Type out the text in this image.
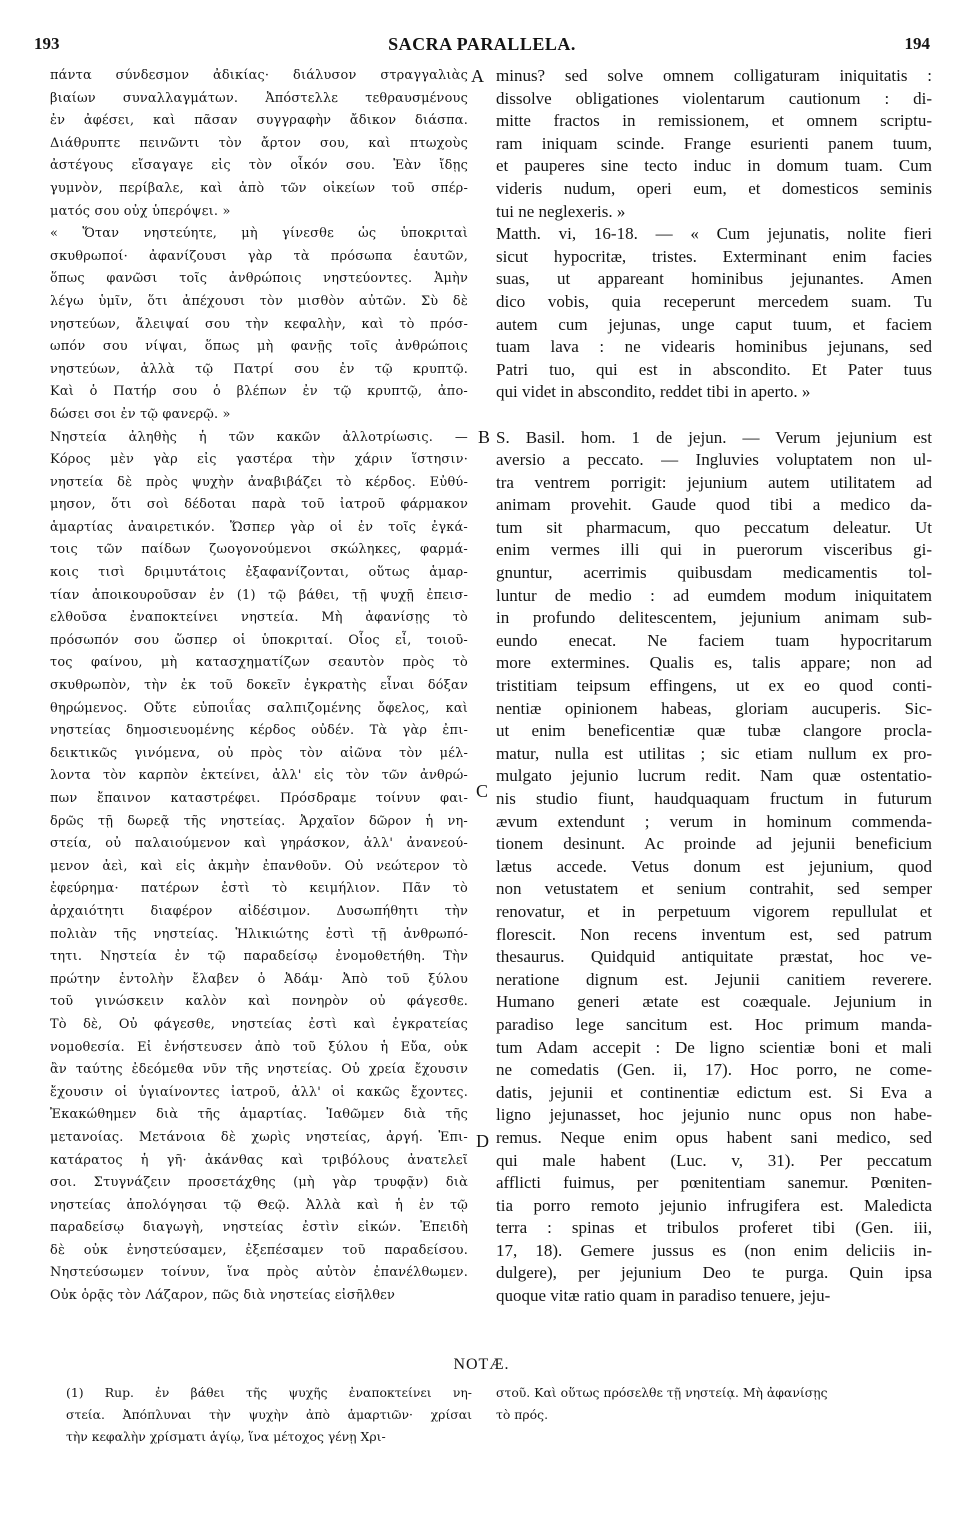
193	SACRA PARALLELA.	194
πάντα σύνδεσμον ἀδικίας· διάλυσον στραγγαλιὰς
βιαίων συναλλαγμάτων. Ἀπόστελλε τεθραυσμένους
ἐν ἀφέσει, καὶ πᾶσαν συγγραφὴν ἄδικον διάσπα.
Διάθρυπτε πεινῶντι τὸν ἄρτον σου, καὶ πτωχοὺς
ἀστέγους εἴσαγαγε εἰς τὸν οἶκόν σου. Ἐὰν ἴδῃς
γυμνὸν, περίβαλε, καὶ ἀπὸ τῶν οἰκείων τοῦ σπέρ-
ματός σου οὐχ ὑπερόψει. »
« Ὅταν νηστεύητε, μὴ γίνεσθε ὡς ὑποκριταὶ
σκυθρωποί· ἀφανίζουσι γὰρ τὰ πρόσωπα ἑαυτῶν,
ὅπως φανῶσι τοῖς ἀνθρώποις νηστεύοντες. Ἀμὴν
λέγω ὑμῖν, ὅτι ἀπέχουσι τὸν μισθὸν αὐτῶν. Σὺ δὲ
νηστεύων, ἄλειψαί σου τὴν κεφαλὴν, καὶ τὸ πρόσ-
ωπόν σου νίψαι, ὅπως μὴ φανῇς τοῖς ἀνθρώποις
νηστεύων, ἀλλὰ τῷ Πατρί σου ἐν τῷ κρυπτῷ.
Καὶ ὁ Πατήρ σου ὁ βλέπων ἐν τῷ κρυπτῷ, ἀπο-
δώσει σοι ἐν τῷ φανερῷ. »
Νηστεία ἀληθὴς ἡ τῶν κακῶν ἀλλοτρίωσις. —
Κόρος μὲν γὰρ εἰς γαστέρα τὴν χάριν ἵστησιν·
νηστεία δὲ πρὸς ψυχὴν ἀναβιβάζει τὸ κέρδος. Εὐθύ-
μησον, ὅτι σοὶ δέδοται παρὰ τοῦ ἰατροῦ φάρμακον
ἁμαρτίας ἀναιρετικόν. Ὥσπερ γὰρ οἱ ἐν τοῖς ἐγκά-
τοις τῶν παίδων ζωογονούμενοι σκώληκες, φαρμά-
κοις τισὶ δριμυτάτοις ἐξαφανίζονται, οὕτως ἁμαρ-
τίαν ἀποικουροῦσαν ἐν (1) τῷ βάθει, τῇ ψυχῇ ἐπεισ-
ελθοῦσα ἐναποκτείνει νηστεία. Μὴ ἀφανίσῃς τὸ
πρόσωπόν σου ὥσπερ οἱ ὑποκριταί. Οἷος εἶ, τοιοῦ-
τος φαίνου, μὴ κατασχηματίζων σεαυτὸν πρὸς τὸ
σκυθρωπὸν, τὴν ἐκ τοῦ δοκεῖν ἐγκρατὴς εἶναι δόξαν
θηρώμενος. Οὔτε εὐποιΐας σαλπιζομένης ὄφελος, καὶ
νηστείας δημοσιευομένης κέρδος οὐδέν. Τὰ γὰρ ἐπι-
δεικτικῶς γινόμενα, οὐ πρὸς τὸν αἰῶνα τὸν μέλ-
λοντα τὸν καρπὸν ἐκτείνει, ἀλλ' εἰς τὸν τῶν ἀνθρώ-
πων ἔπαινον καταστρέφει. Πρόσδραμε τοίνυν φαι-
δρῶς τῇ δωρεᾷ τῆς νηστείας. Ἀρχαῖον δῶρον ἡ νη-
στεία, οὐ παλαιούμενον καὶ γηράσκον, ἀλλ' ἀνανεού-
μενον ἀεὶ, καὶ εἰς ἀκμὴν ἐπανθοῦν. Οὐ νεώτερον τὸ
ἐφεύρημα· πατέρων ἐστὶ τὸ κειμήλιον. Πᾶν τὸ
ἀρχαιότητι διαφέρον αἰδέσιμον. Δυσωπήθητι τὴν
πολιὰν τῆς νηστείας. Ἡλικιώτης ἐστὶ τῇ ἀνθρωπό-
τητι. Νηστεία ἐν τῷ παραδείσῳ ἐνομοθετήθη. Τὴν
πρώτην ἐντολὴν ἔλαβεν ὁ Ἀδάμ· Ἀπὸ τοῦ ξύλου
τοῦ γινώσκειν καλὸν καὶ πονηρὸν οὐ φάγεσθε.
Τὸ δὲ, Οὐ φάγεσθε, νηστείας ἐστὶ καὶ ἐγκρατείας
νομοθεσία. Εἰ ἐνήστευσεν ἀπὸ τοῦ ξύλου ἡ Εὔα, οὐκ
ἂν ταύτης ἐδεόμεθα νῦν τῆς νηστείας. Οὐ χρεία ἔχουσιν
ἔχουσιν οἱ ὑγιαίνοντες ἰατροῦ, ἀλλ' οἱ κακῶς ἔχοντες.
Ἐκακώθημεν διὰ τῆς ἁμαρτίας. Ἰαθῶμεν διὰ τῆς
μετανοίας. Μετάνοια δὲ χωρὶς νηστείας, ἀργή. Ἐπι-
κατάρατος ἡ γῆ· ἀκάνθας καὶ τριβόλους ἀνατελεῖ
σοι. Στυγνάζειν προσετάχθης (μὴ γὰρ τρυφᾷν) διὰ
νηστείας ἀπολόγησαι τῷ Θεῷ. Ἀλλὰ καὶ ἡ ἐν τῷ
παραδείσῳ διαγωγὴ, νηστείας ἐστὶν εἰκών. Ἐπειδὴ
δὲ οὐκ ἐνηστεύσαμεν, ἐξεπέσαμεν τοῦ παραδείσου.
Νηστεύσωμεν τοίνυν, ἵνα πρὸς αὐτὸν ἐπανέλθωμεν.
Οὐκ ὁρᾷς τὸν Λάζαρον, πῶς διὰ νηστείας εἰσῆλθεν
minus? sed solve omnem colligaturam iniquitatis :
dissolve obligationes violentarum cautionum : di-
mitte fractos in remissionem, et omnem scriptu-
ram iniquam scinde. Frange esurienti panem tuum,
et pauperes sine tecto induc in domum tuam. Cum
videris nudum, operi eum, et domesticos seminis
tui ne neglexeris. »
Matth. vi, 16-18. — « Cum jejunatis, nolite fieri
sicut hypocritæ, tristes. Exterminant enim facies
suas, ut appareant hominibus jejunantes. Amen
dico vobis, quia receperunt mercedem suam. Tu
autem cum jejunas, unge caput tuum, et faciem
tuam lava : ne videaris hominibus jejunans, sed
Patri tuo, qui est in abscondito. Et Pater tuus
qui videt in abscondito, reddet tibi in aperto. »
S. Basil. hom. 1 de jejun. — Verum jejunium est
aversio a peccato. — Ingluvies voluptatem non ul-
tra ventrem porrigit: jejunium autem utilitatem ad
animam provehit. Gaude quod tibi a medico da-
tum sit pharmacum, quo peccatum deleatur. Ut
enim vermes illi qui in puerorum visceribus gi-
gnuntur, acerrimis quibusdam medicamentis tol-
luntur de medio : ad eumdem modum iniquitatem
in profundo delitescentem, jejunium animam sub-
eundo enecat. Ne faciem tuam hypocritarum
more extermines. Qualis es, talis appare; non ad
tristitiam teipsum effingens, ut ex eo quod conti-
nentiæ opinionem habeas, gloriam aucuperis. Sic-
ut enim beneficentiæ quæ tubæ clangore procla-
matur, nulla est utilitas ; sic etiam nullum ex pro-
mulgato jejunio lucrum redit. Nam quæ ostentatio-
nis studio fiunt, haudquaquam fructum in futurum
ævum extendunt ; verum in hominum commenda-
tionem desinunt. Ac proinde ad jejunii beneficium
lætus accede. Vetus donum est jejunium, quod
non vetustatem et senium contrahit, sed semper
renovatur, et in perpetuum vigorem repullulat et
florescit. Non recens inventum est, sed patrum
thesaurus. Quidquid antiquitate præstat, hoc ve-
neratione dignum est. Jejunii canitiem reverere.
Humano generi ætate est coæquale. Jejunium in
paradiso lege sancitum est. Hoc primum manda-
tum Adam accepit : De ligno scientiæ boni et mali
ne comedatis (Gen. ii, 17). Hoc porro, ne come-
datis, jejunii et continentiæ edictum est. Si Eva a
ligno jejunasset, hoc jejunio nunc opus non habe-
remus. Neque enim opus habent sani medico, sed
qui male habent (Luc. v, 31). Per peccatum
afflicti fuimus, per pœnitentiam sanemur. Pœniten-
tia porro remoto jejunio infrugifera est. Maledicta
terra : spinas et tribulos proferet tibi (Gen. iii,
17, 18). Gemere jussus es (non enim deliciis in-
dulgere), per jejunium Deo te purga. Quin ipsa
quoque vitæ ratio quam in paradiso tenuere, jeju-
A
B
C
D
NOTÆ.
(1) Rup. ἐν βάθει τῆς ψυχῆς ἐναποκτείνει νη-
στεία. Ἀπόπλυναι τὴν ψυχὴν ἀπὸ ἁμαρτιῶν· χρίσαι
τὴν κεφαλὴν χρίσματι ἁγίῳ, ἵνα μέτοχος γένῃ Χρι-
στοῦ. Καὶ οὕτως πρόσελθε τῇ νηστείᾳ. Μὴ ἀφανίσῃς
τὸ πρός.
